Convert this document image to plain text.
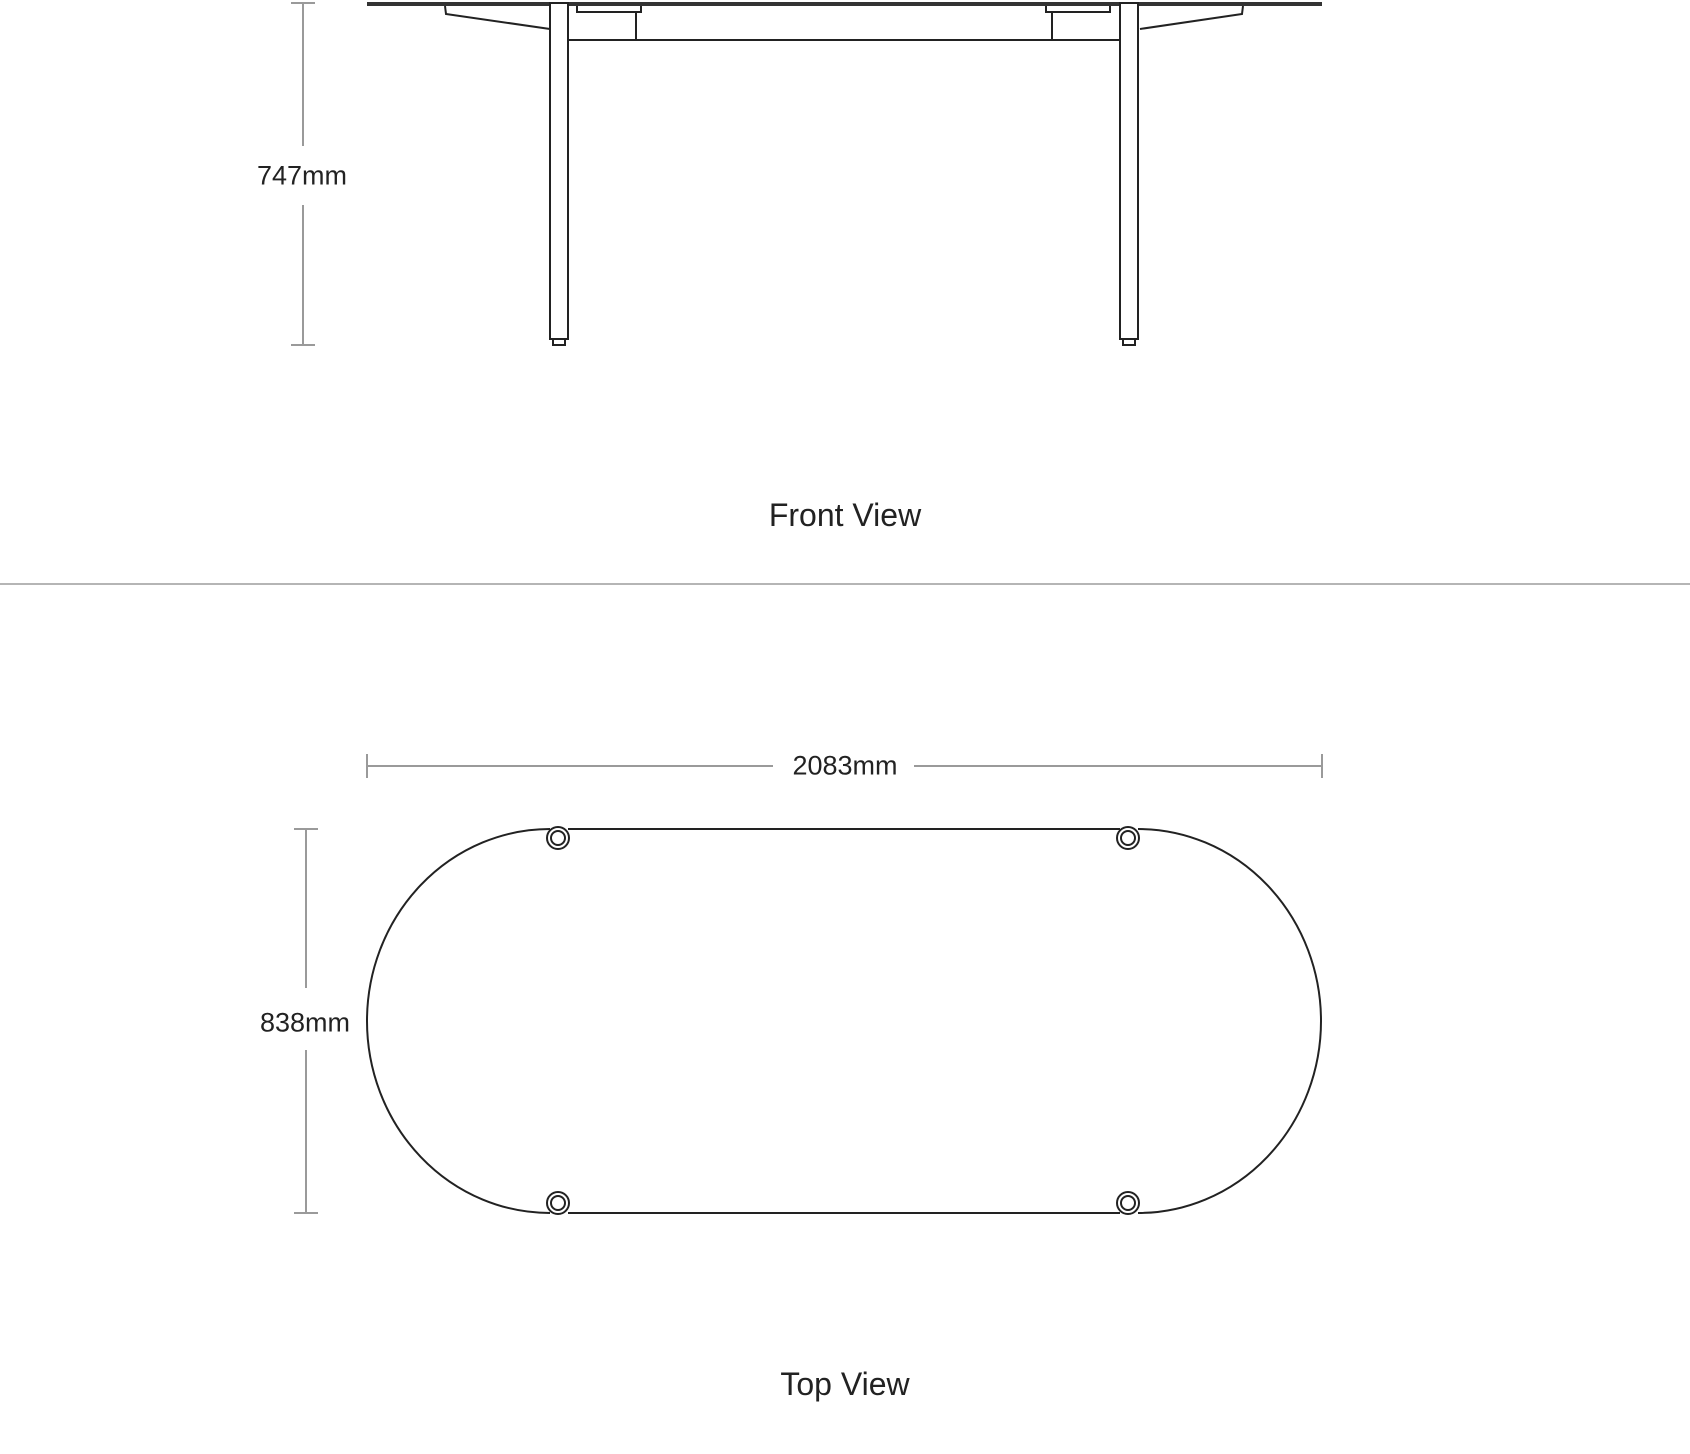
747mm
Front View
2083mm
838mm
Top View
